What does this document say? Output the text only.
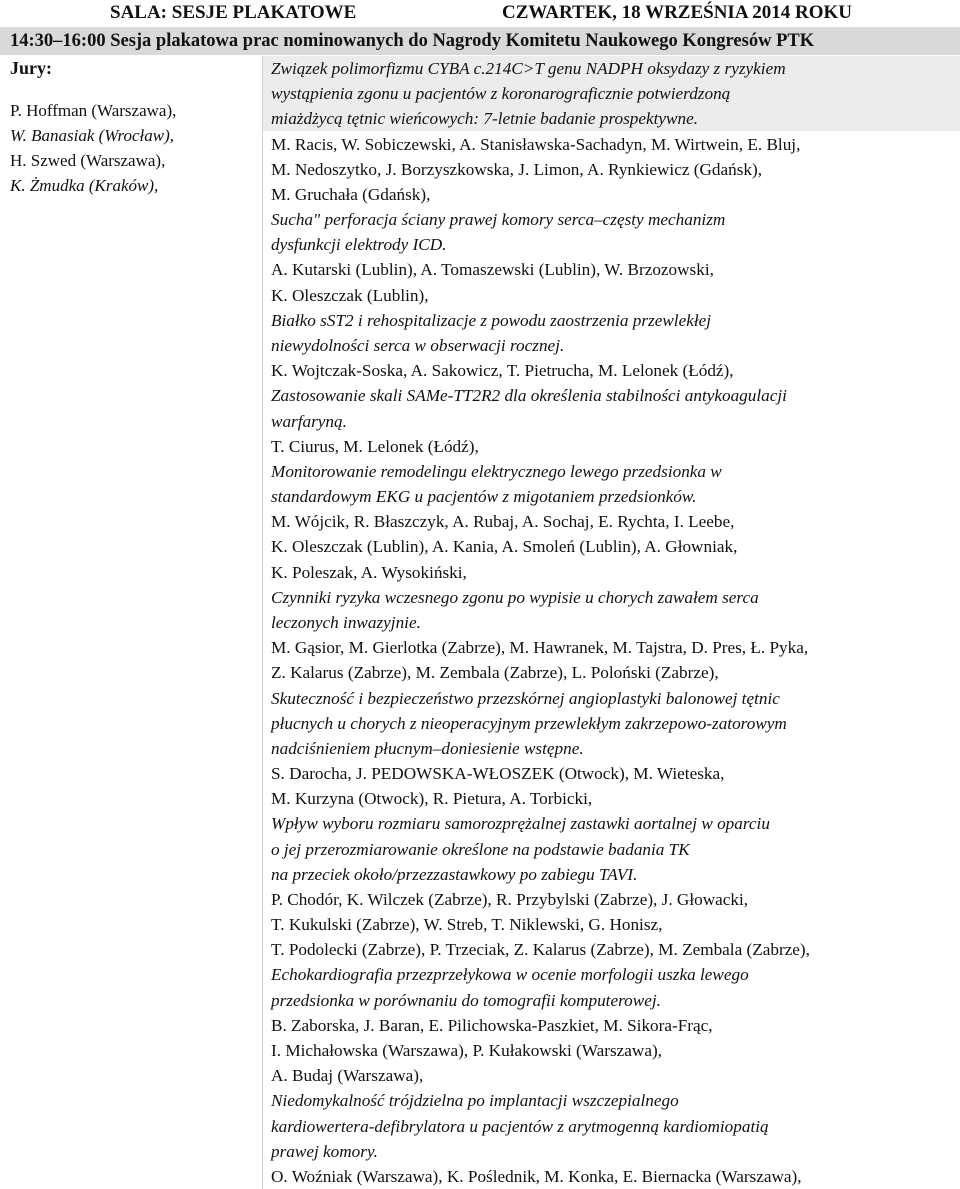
SALA: SESJE PLAKATOWE	CZWARTEK, 18 WRZEŚNIA 2014 ROKU
14:30–16:00 Sesja plakatowa prac nominowanych do Nagrody Komitetu Naukowego Kongresów PTK
Jury:
P. Hoffman (Warszawa),
W. Banasiak (Wrocław),
H. Szwed (Warszawa),
K. Żmudka (Kraków),
Związek polimorfizmu CYBA c.214C>T genu NADPH oksydazy z ryzykiem
wystąpienia zgonu u pacjentów z koronarograficznie potwierdzoną
miażdżycą tętnic wieńcowych: 7-letnie badanie prospektywne.
M. Racis, W. Sobiczewski, A. Stanisławska-Sachadyn, M. Wirtwein, E. Bluj,
M. Nedoszytko, J. Borzyszkowska, J. Limon, A. Rynkiewicz (Gdańsk),
M. Gruchała (Gdańsk),
Sucha" perforacja ściany prawej komory serca–częsty mechanizm
dysfunkcji elektrody ICD.
A. Kutarski (Lublin), A. Tomaszewski (Lublin), W. Brzozowski,
K. Oleszczak (Lublin),
Białko sST2 i rehospitalizacje z powodu zaostrzenia przewlekłej
niewydolności serca w obserwacji rocznej.
K. Wojtczak-Soska, A. Sakowicz, T. Pietrucha, M. Lelonek (Łódź),
Zastosowanie skali SAMe-TT2R2 dla określenia stabilności antykoagulacji
warfaryną.
T. Ciurus, M. Lelonek (Łódź),
Monitorowanie remodelingu elektrycznego lewego przedsionka w
standardowym EKG u pacjentów z migotaniem przedsionków.
M. Wójcik, R. Błaszczyk, A. Rubaj, A. Sochaj, E. Rychta, I. Leebe,
K. Oleszczak (Lublin), A. Kania, A. Smoleń (Lublin), A. Głowniak,
K. Poleszak, A. Wysokiński,
Czynniki ryzyka wczesnego zgonu po wypisie u chorych zawałem serca
leczonych inwazyjnie.
M. Gąsior, M. Gierlotka (Zabrze), M. Hawranek, M. Tajstra, D. Pres, Ł. Pyka,
Z. Kalarus (Zabrze), M. Zembala (Zabrze), L. Poloński (Zabrze),
Skuteczność i bezpieczeństwo przezskórnej angioplastyki balonowej tętnic
płucnych u chorych z nieoperacyjnym przewlekłym zakrzepowo-zatorowym
nadciśnieniem płucnym–doniesienie wstępne.
S. Darocha, J. PEDOWSKA-WŁOSZEK (Otwock), M. Wieteska,
M. Kurzyna (Otwock), R. Pietura, A. Torbicki,
Wpływ wyboru rozmiaru samorozprężalnej zastawki aortalnej w oparciu
o jej przerozmiarowanie określone na podstawie badania TK
na przeciek około/przezzastawkowy po zabiegu TAVI.
P. Chodór, K. Wilczek (Zabrze), R. Przybylski (Zabrze), J. Głowacki,
T. Kukulski (Zabrze), W. Streb, T. Niklewski, G. Honisz,
T. Podolecki (Zabrze), P. Trzeciak, Z. Kalarus (Zabrze), M. Zembala (Zabrze),
Echokardiografia przezprzełykowa w ocenie morfologii uszka lewego
przedsionka w porównaniu do tomografii komputerowej.
B. Zaborska, J. Baran, E. Pilichowska-Paszkiet, M. Sikora-Frąc,
I. Michałowska (Warszawa), P. Kułakowski (Warszawa),
A. Budaj (Warszawa),
Niedomykalność trójdzielna po implantacji wszczepialnego
kardiowertera-defibrylatora u pacjentów z arytmogenną kardiomiopatią
prawej komory.
O. Woźniak (Warszawa), K. Poślednik, M. Konka, E. Biernacka (Warszawa),
